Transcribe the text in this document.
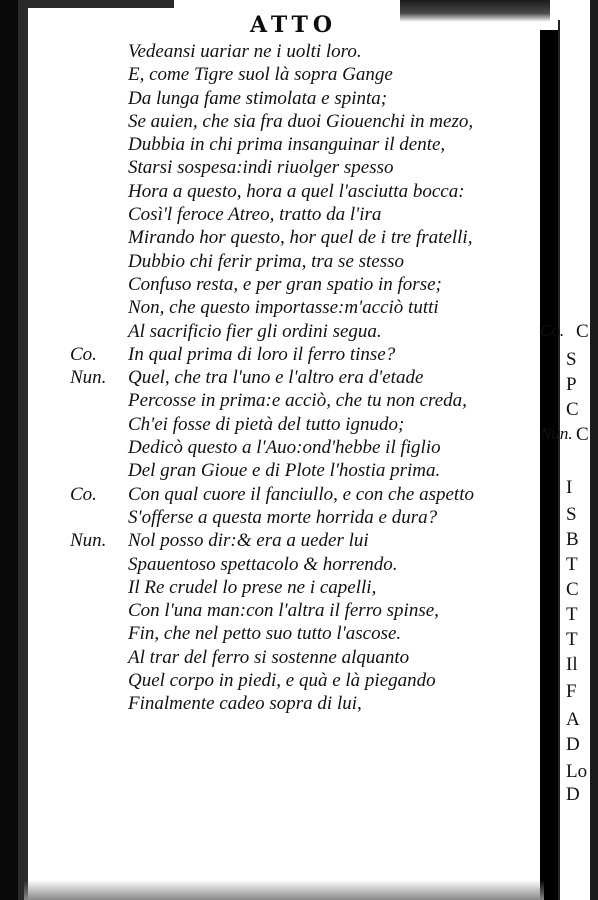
ATTO
Vedeansi uariar ne i uolti loro.
E, come Tigre suol là sopra Gange
Da lunga fame stimolata e spinta;
Se auien, che sia fra duoi Giouenchi in mezo,
Dubbia in chi prima insanguinar il dente,
Starsi sospesa:indi riuolger spesso
Hora a questo, hora a quel l'asciutta bocca:
Così'l feroce Atreo, tratto da l'ira
Mirando hor questo, hor quel de i tre fratelli,
Dubbio chi ferir prima, tra se stesso
Confuso resta, e per gran spatio in forse;
Non, che questo importasse:m'acciò tutti
Al sacrificio fier gli ordini segua.
Co. In qual prima di loro il ferro tinse?
Nun. Quel, che tra l'uno e l'altro era d'etade
Percosse in prima:e acciò, che tu non creda,
Ch'ei fosse di pietà del tutto ignudo;
Dedicò questo a l'Auo:ond'hebbe il figlio
Del gran Gioue e di Plote l'hostia prima.
Co. Con qual cuore il fanciullo, e con che aspetto
S'offerse a questa morte horrida e dura?
Nun. Nol posso dir:& era a ueder lui
Spauentoso spettacolo & horrendo.
Il Re crudel lo prese ne i capelli,
Con l'una man:con l'altra il ferro spinse,
Fin, che nel petto suo tutto l'ascose.
Al trar del ferro si sostenne alquanto
Quel corpo in piedi, e quà e là piegando
Finalmente cadeo sopra di lui,
Co. C
S
P
C
Nun. C
I
S
B
T
C
T
T
Il
F
A
D
Lo
D
